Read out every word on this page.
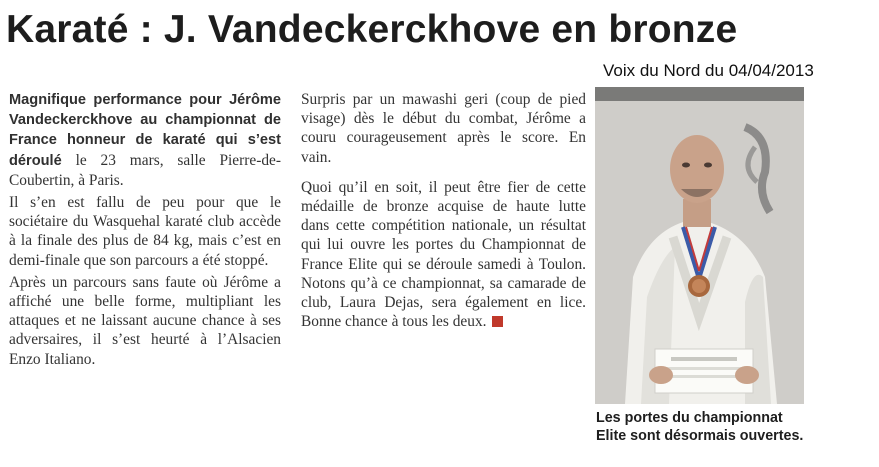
Karaté : J. Vandeckerckhove en bronze
Voix du Nord du 04/04/2013

Magnifique performance pour Jérôme Vandeckerckhove au championnat de France honneur de karaté qui s’est déroulé le 23 mars, salle Pierre-de-Coubertin, à Paris.

Il s’en est fallu de peu pour que le sociétaire du Wasquehal karaté club accède à la finale des plus de 84 kg, mais c’est en demi-finale que son parcours a été stoppé.

Après un parcours sans faute où Jérôme a affiché une belle forme, multipliant les attaques et ne laissant aucune chance à ses adversaires, il s’est heurté à l’Alsacien Enzo Italiano.

Surpris par un mawashi geri (coup de pied visage) dès le début du combat, Jérôme a couru courageusement après le score. En vain.

Quoi qu’il en soit, il peut être fier de cette médaille de bronze acquise de haute lutte dans cette compétition nationale, un résultat qui lui ouvre les portes du Championnat de France Elite qui se déroule samedi à Toulon. Notons qu’à ce championnat, sa camarade de club, Laura Dejas, sera également en lice. Bonne chance à tous les deux.

Les portes du championnat
Elite sont désormais ouvertes.
